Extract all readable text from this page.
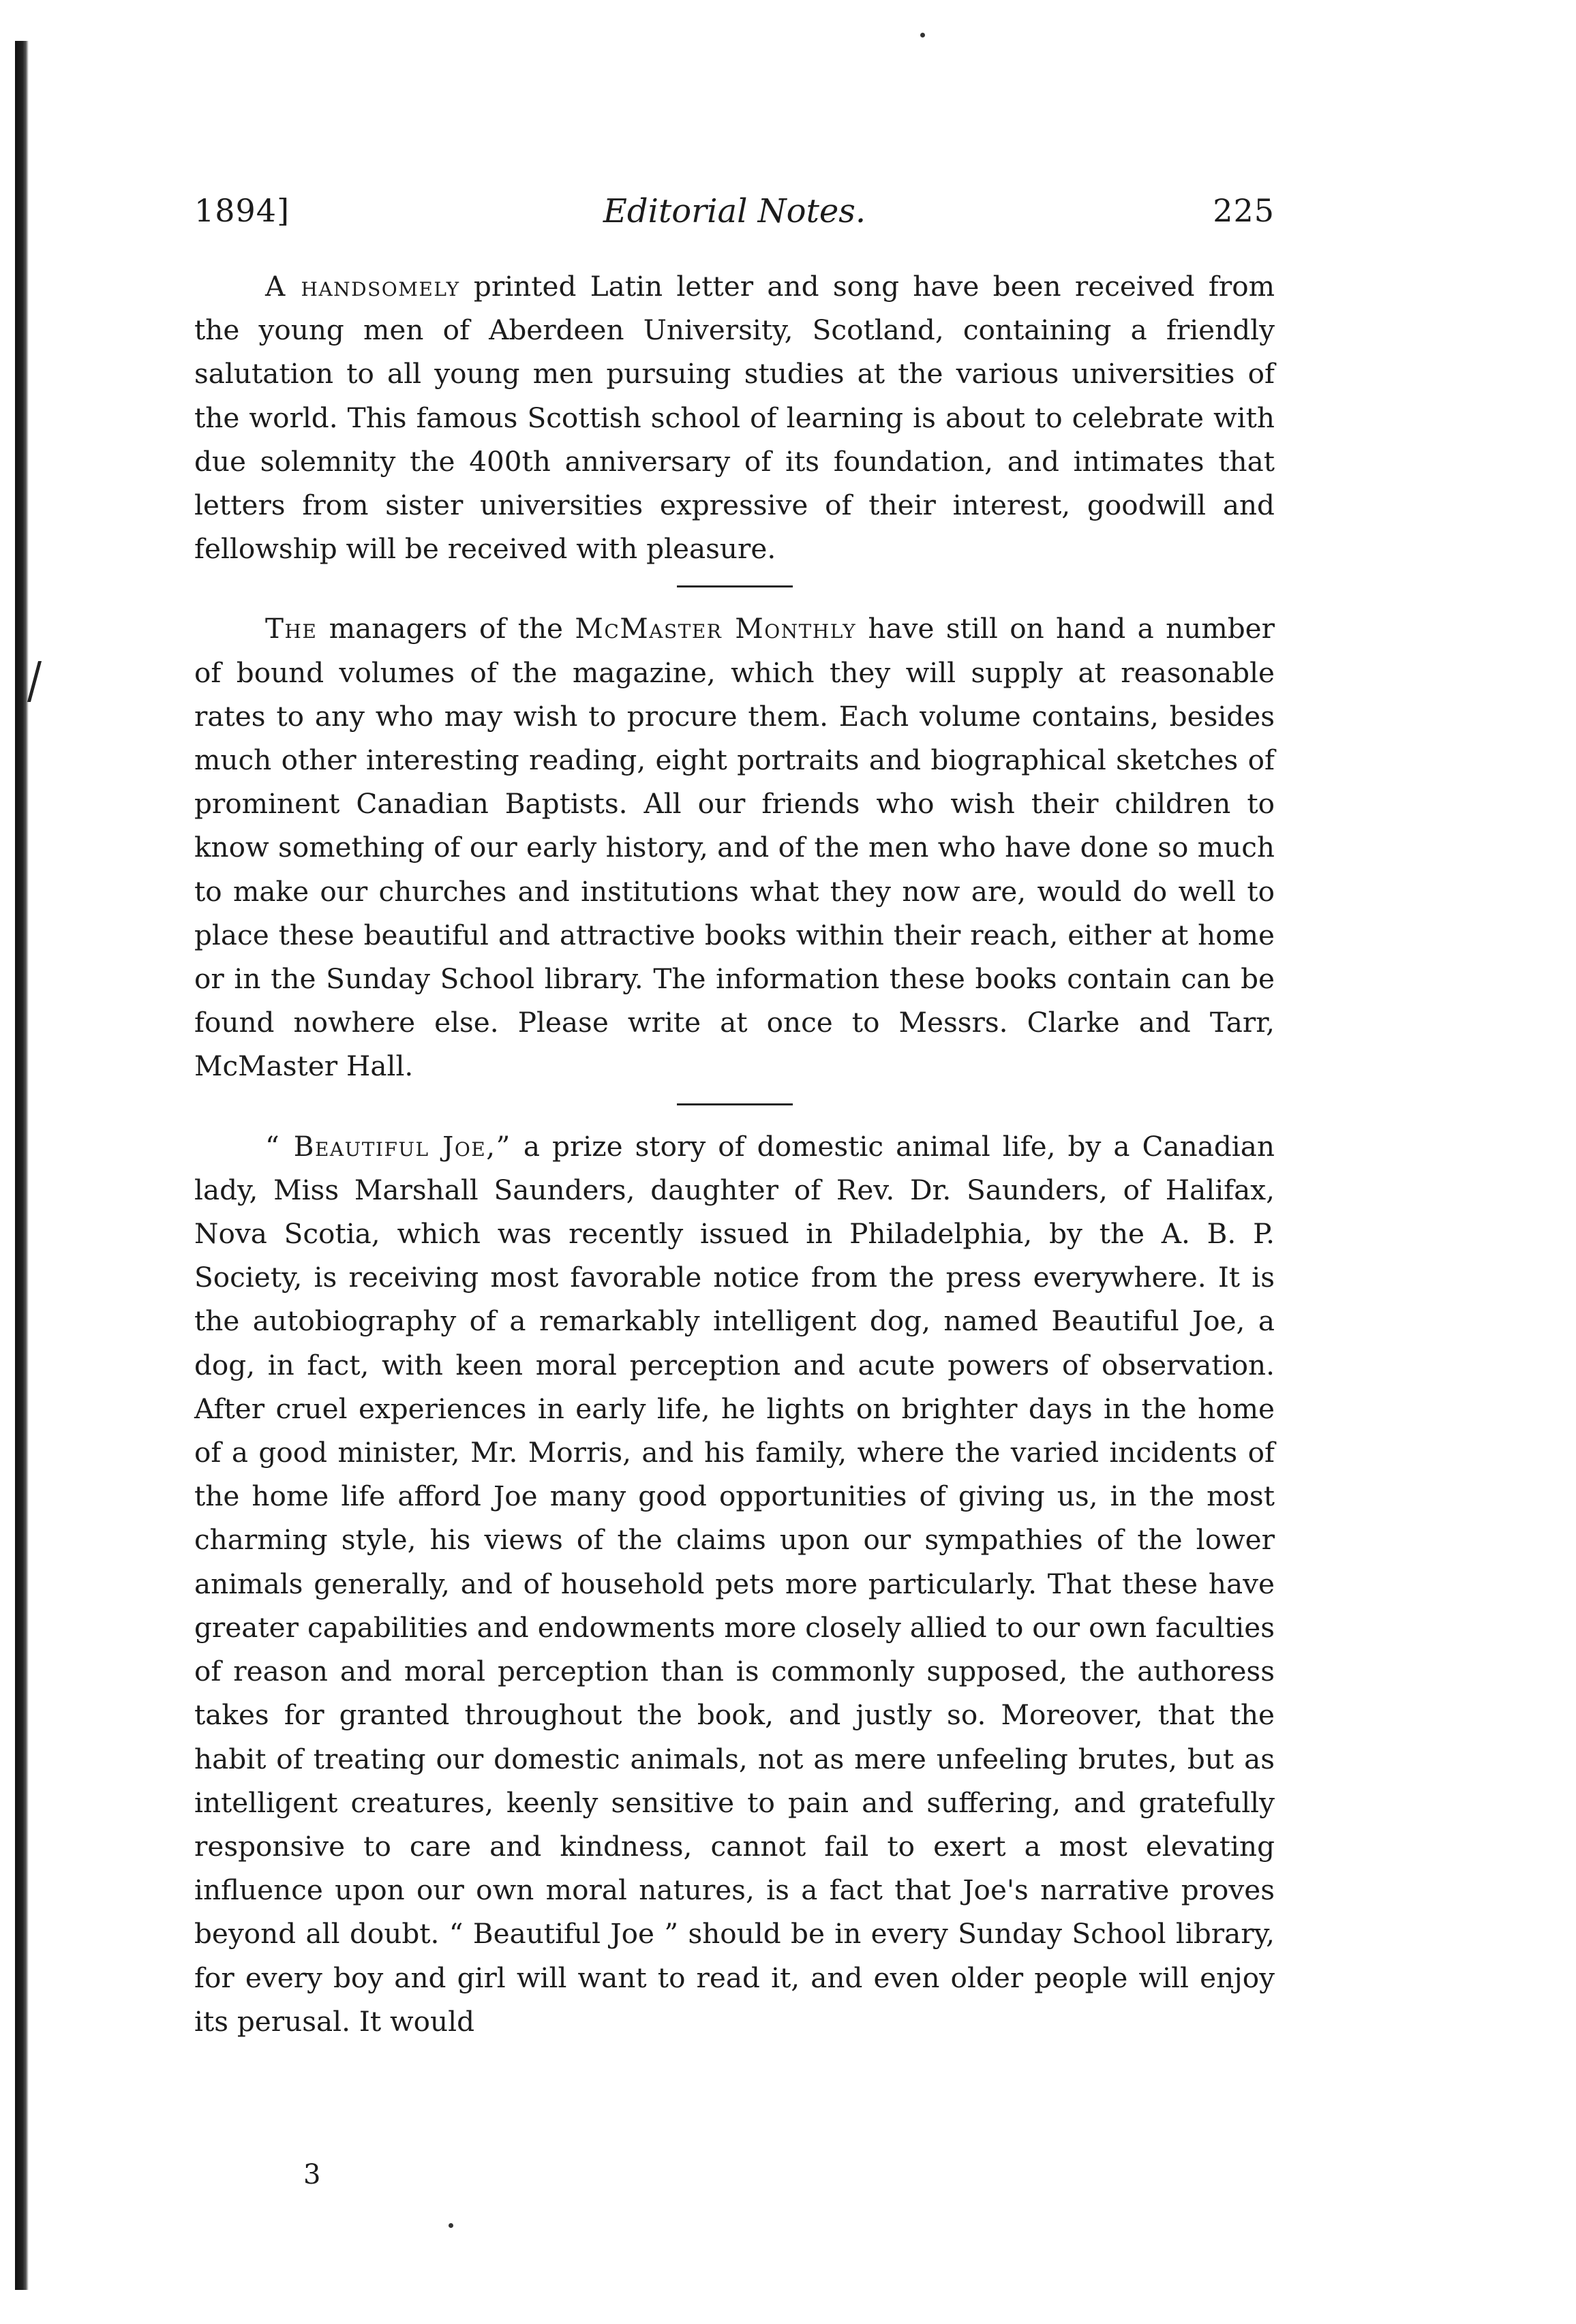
1894]	Editorial Notes.	225

A handsomely printed Latin letter and song have been received from the young men of Aberdeen University, Scotland, containing a friendly salutation to all young men pursuing studies at the various universities of the world. This famous Scottish school of learning is about to celebrate with due solemnity the 400th anniversary of its foundation, and intimates that letters from sister universities expressive of their interest, goodwill and fellowship will be received with pleasure.

The managers of the McMaster Monthly have still on hand a number of bound volumes of the magazine, which they will supply at reasonable rates to any who may wish to procure them. Each volume contains, besides much other interesting reading, eight portraits and biographical sketches of prominent Canadian Baptists. All our friends who wish their children to know something of our early history, and of the men who have done so much to make our churches and institutions what they now are, would do well to place these beautiful and attractive books within their reach, either at home or in the Sunday School library. The information these books contain can be found nowhere else. Please write at once to Messrs. Clarke and Tarr, McMaster Hall.

“ Beautiful Joe,” a prize story of domestic animal life, by a Canadian lady, Miss Marshall Saunders, daughter of Rev. Dr. Saunders, of Halifax, Nova Scotia, which was recently issued in Philadelphia, by the A. B. P. Society, is receiving most favorable notice from the press everywhere. It is the autobiography of a remarkably intelligent dog, named Beautiful Joe, a dog, in fact, with keen moral perception and acute powers of observation. After cruel experiences in early life, he lights on brighter days in the home of a good minister, Mr. Morris, and his family, where the varied incidents of the home life afford Joe many good opportunities of giving us, in the most charming style, his views of the claims upon our sympathies of the lower animals generally, and of household pets more particularly. That these have greater capabilities and endowments more closely allied to our own faculties of reason and moral perception than is commonly supposed, the authoress takes for granted throughout the book, and justly so. Moreover, that the habit of treating our domestic animals, not as mere unfeeling brutes, but as intelligent creatures, keenly sensitive to pain and suffering, and gratefully responsive to care and kindness, cannot fail to exert a most elevating influence upon our own moral natures, is a fact that Joe's narrative proves beyond all doubt. “ Beautiful Joe ” should be in every Sunday School library, for every boy and girl will want to read it, and even older people will enjoy its perusal. It would

3
